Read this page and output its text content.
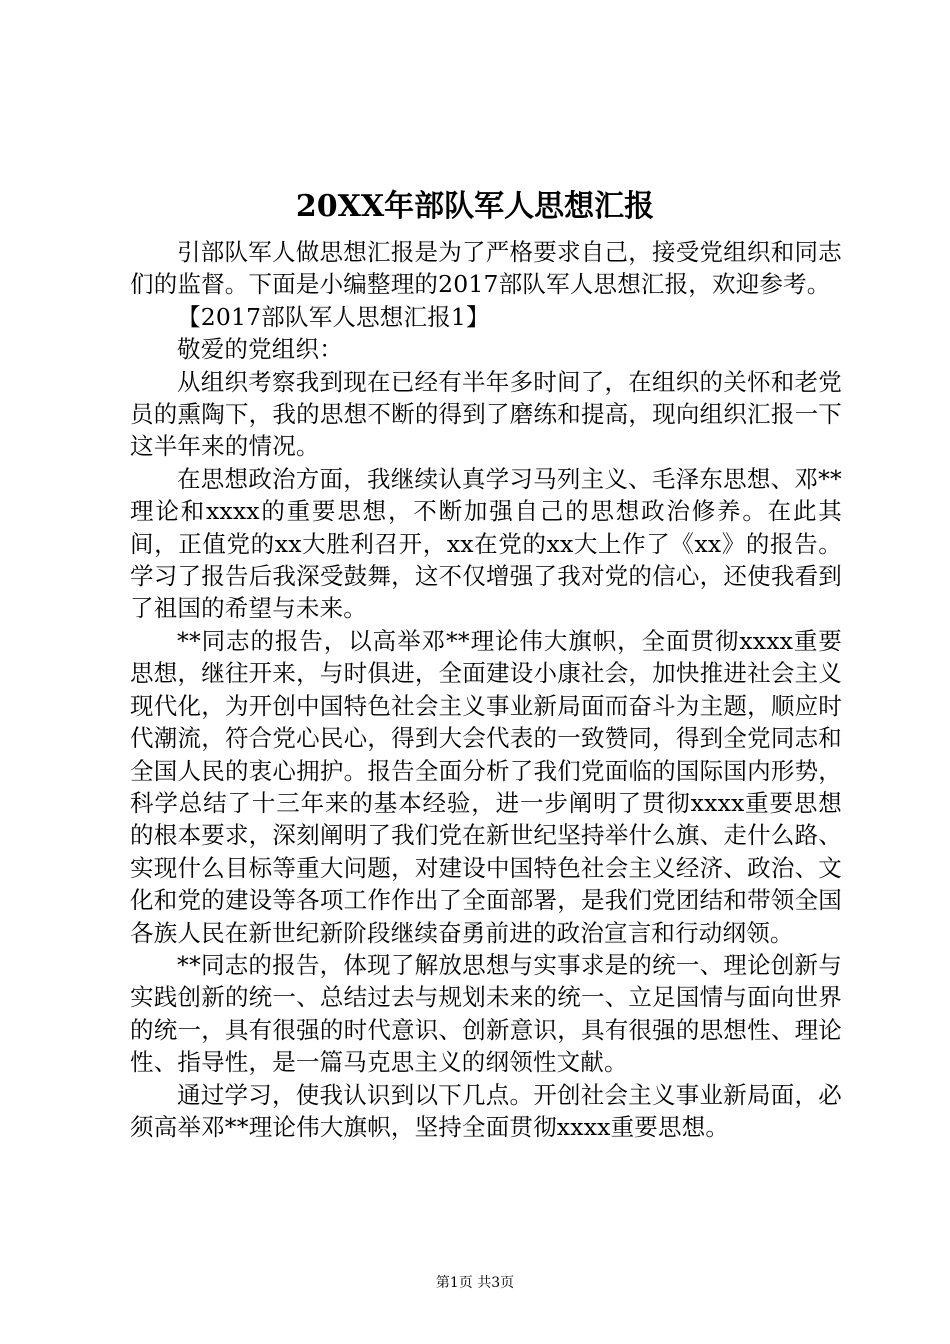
20XX年部队军人思想汇报

引部队军人做思想汇报是为了严格要求自己，接受党组织和同志们的监督。下面是小编整理的2017部队军人思想汇报，欢迎参考。

【2017部队军人思想汇报1】

敬爱的党组织：

从组织考察我到现在已经有半年多时间了，在组织的关怀和老党员的熏陶下，我的思想不断的得到了磨练和提高，现向组织汇报一下这半年来的情况。

在思想政治方面，我继续认真学习马列主义、毛泽东思想、邓**理论和xxxx的重要思想，不断加强自己的思想政治修养。在此其间，正值党的xx大胜利召开，xx在党的xx大上作了《xx》的报告。学习了报告后我深受鼓舞，这不仅增强了我对党的信心，还使我看到了祖国的希望与未来。

**同志的报告，以高举邓**理论伟大旗帜，全面贯彻xxxx重要思想，继往开来，与时俱进，全面建设小康社会，加快推进社会主义现代化，为开创中国特色社会主义事业新局面而奋斗为主题，顺应时代潮流，符合党心民心，得到大会代表的一致赞同，得到全党同志和全国人民的衷心拥护。报告全面分析了我们党面临的国际国内形势，科学总结了十三年来的基本经验，进一步阐明了贯彻xxxx重要思想的根本要求，深刻阐明了我们党在新世纪坚持举什么旗、走什么路、实现什么目标等重大问题，对建设中国特色社会主义经济、政治、文化和党的建设等各项工作作出了全面部署，是我们党团结和带领全国各族人民在新世纪新阶段继续奋勇前进的政治宣言和行动纲领。

**同志的报告，体现了解放思想与实事求是的统一、理论创新与实践创新的统一、总结过去与规划未来的统一、立足国情与面向世界的统一，具有很强的时代意识、创新意识，具有很强的思想性、理论性、指导性，是一篇马克思主义的纲领性文献。

通过学习，使我认识到以下几点。开创社会主义事业新局面，必须高举邓**理论伟大旗帜，坚持全面贯彻xxxx重要思想。

第1页 共3页
